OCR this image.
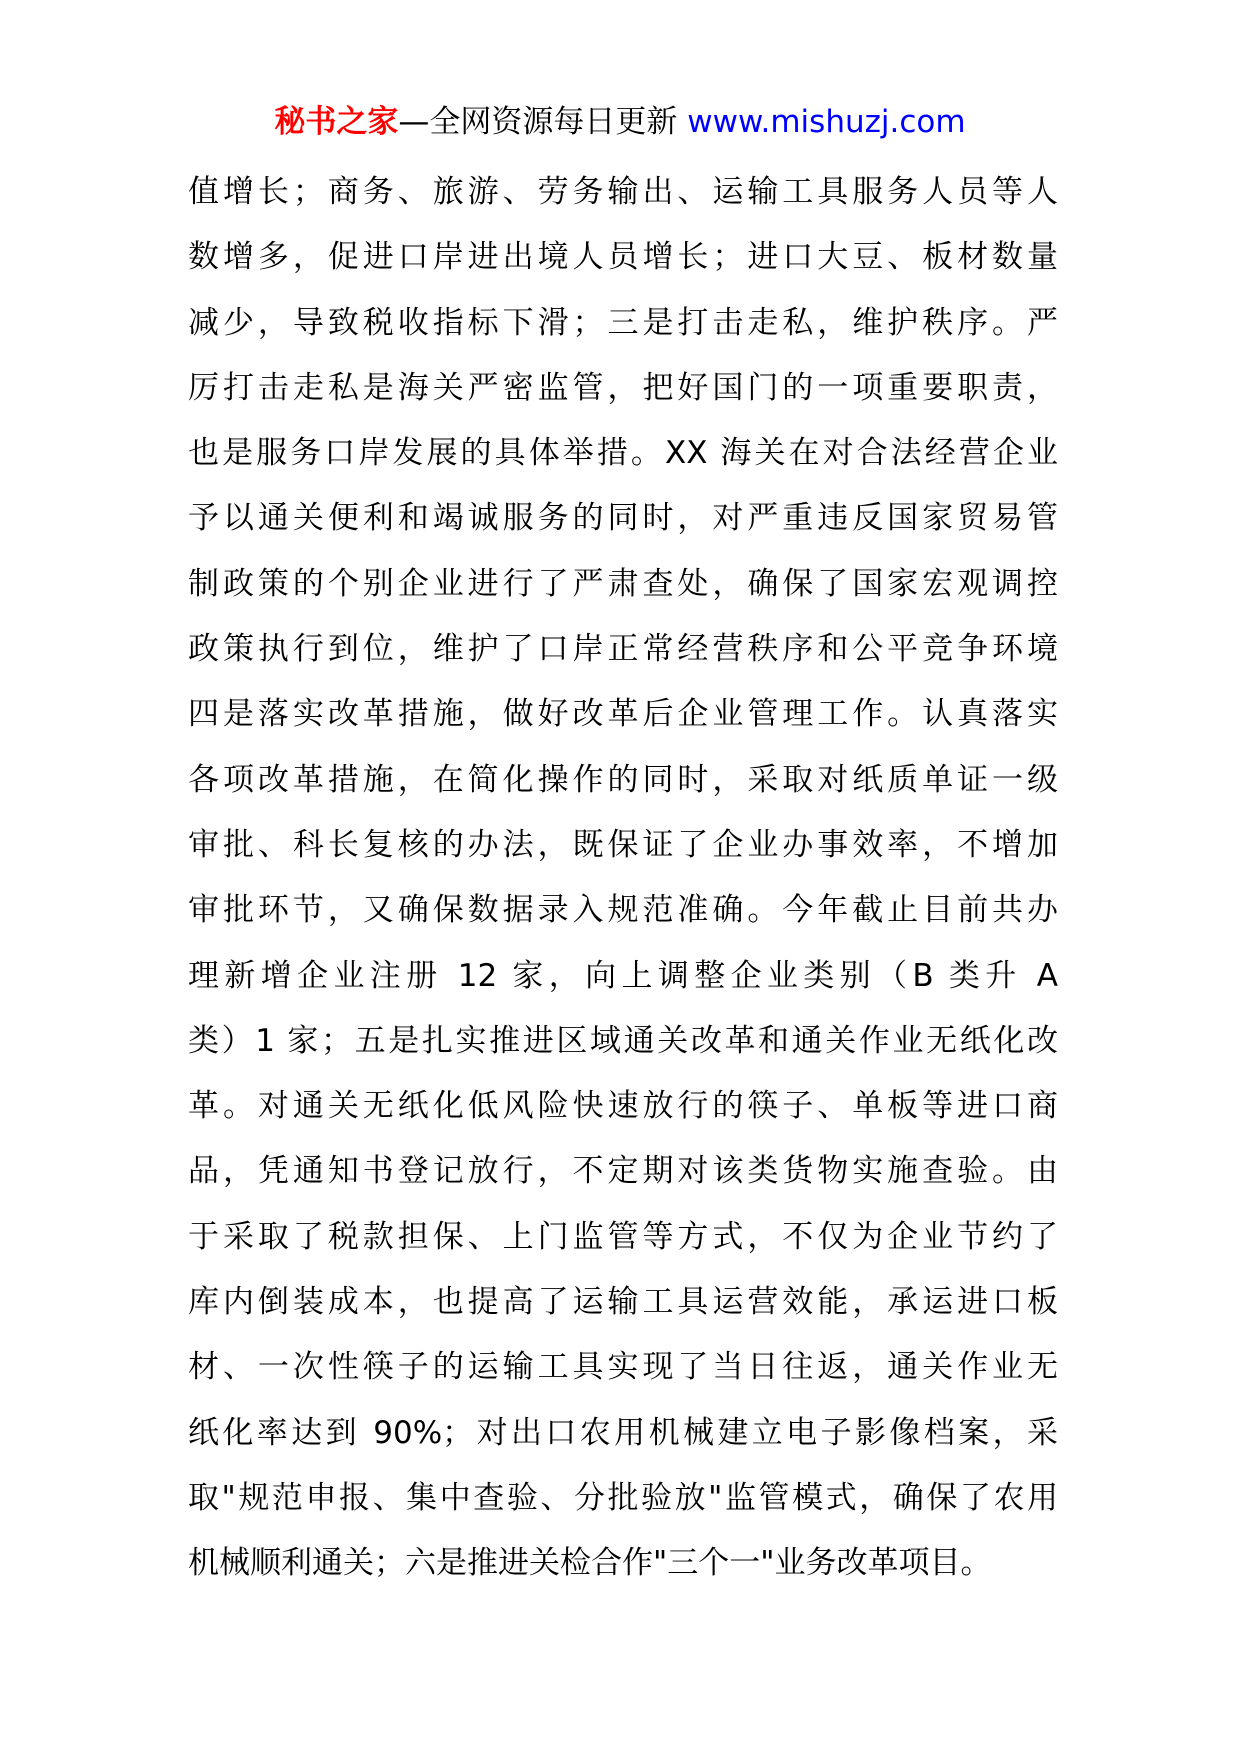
秘书之家—全网资源每日更新 www.mishuzj.com
值增长；商务、旅游、劳务输出、运输工具服务人员等人
数增多，促进口岸进出境人员增长；进口大豆、板材数量
减少，导致税收指标下滑；三是打击走私，维护秩序。严
厉打击走私是海关严密监管，把好国门的一项重要职责，
也是服务口岸发展的具体举措。XX 海关在对合法经营企业
予以通关便利和竭诚服务的同时，对严重违反国家贸易管
制政策的个别企业进行了严肃查处，确保了国家宏观调控
政策执行到位，维护了口岸正常经营秩序和公平竞争环境
四是落实改革措施，做好改革后企业管理工作。认真落实
各项改革措施，在简化操作的同时，采取对纸质单证一级
审批、科长复核的办法，既保证了企业办事效率，不增加
审批环节，又确保数据录入规范准确。今年截止目前共办
理新增企业注册 12 家，向上调整企业类别（B 类升 A
类）1 家；五是扎实推进区域通关改革和通关作业无纸化改
革。对通关无纸化低风险快速放行的筷子、单板等进口商
品，凭通知书登记放行，不定期对该类货物实施查验。由
于采取了税款担保、上门监管等方式，不仅为企业节约了
库内倒装成本，也提高了运输工具运营效能，承运进口板
材、一次性筷子的运输工具实现了当日往返，通关作业无
纸化率达到 90%；对出口农用机械建立电子影像档案，采
取"规范申报、集中查验、分批验放"监管模式，确保了农用
机械顺利通关；六是推进关检合作"三个一"业务改革项目。
